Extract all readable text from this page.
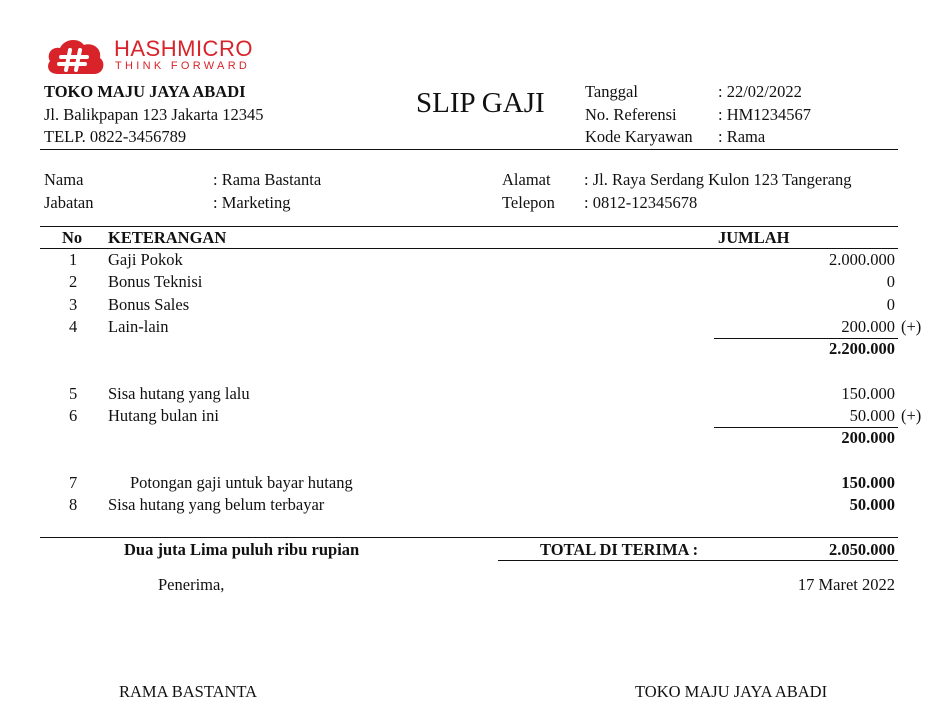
HASHMICRO
THINK FORWARD
TOKO MAJU JAYA ABADI
Jl. Balikpapan 123 Jakarta 12345
TELP. 0822-3456789
SLIP GAJI Tanggal	: 22/02/2022
No. Referensi	: HM1234567
Kode Karyawan : Rama
Nama	: Rama Bastanta
Jabatan	: Marketing
Alamat : Jl. Raya Serdang Kulon 123 Tangerang
Telepon : 0812-12345678
No KETERANGAN	JUMLAH
1 Gaji Pokok	2.000.000
2 Bonus Teknisi	0
3 Bonus Sales	0
4 Lain-lain	200.000 (+)
2.200.000
5 Sisa hutang yang lalu	150.000
6 Hutang bulan ini	50.000 (+)
200.000
7	Potongan gaji untuk bayar hutang	150.000
8 Sisa hutang yang belum terbayar	50.000
Dua juta Lima puluh ribu rupian	TOTAL DI TERIMA :	2.050.000
Penerima,	17 Maret 2022
RAMA BASTANTA	TOKO MAJU JAYA ABADI
